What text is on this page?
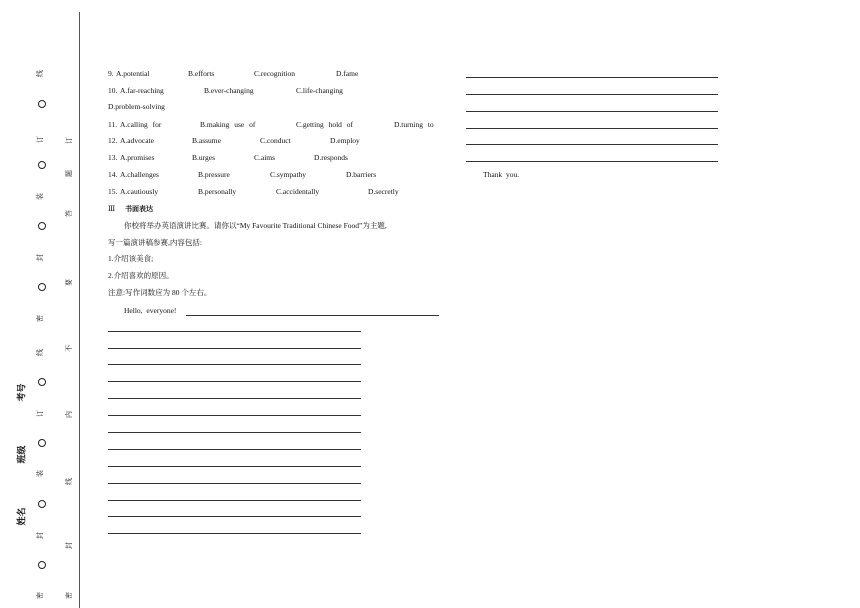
线
订
装
封
密
线
订
装
封
密
订
题
答
要
不
内
线
封
密
考号
班级
姓名
9. A.potential	B.efforts	C.recognition	D.fame
10. A.far-reaching	B.ever-changing	C.life-changing
D.problem-solving
11. A.calling for	B.making use of	C.getting hold of	D.turning to
12. A.advocate	B.assume	C.conduct	D.employ
13. A.promises	B.urges	C.aims	D.responds
14. A.challenges	B.pressure	C.sympathy	D.barriers
15. A.cautiously	B.personally	C.accidentally	D.secretly
Ⅲ 书面表达
你校将举办英语演讲比赛。请你以“My Favourite Traditional Chinese Food”为主题,
写一篇演讲稿参赛,内容包括:
1.介绍该美食;
2.介绍喜欢的原因。
注意:写作词数应为 80 个左右。
Hello, everyone!
Thank you.
